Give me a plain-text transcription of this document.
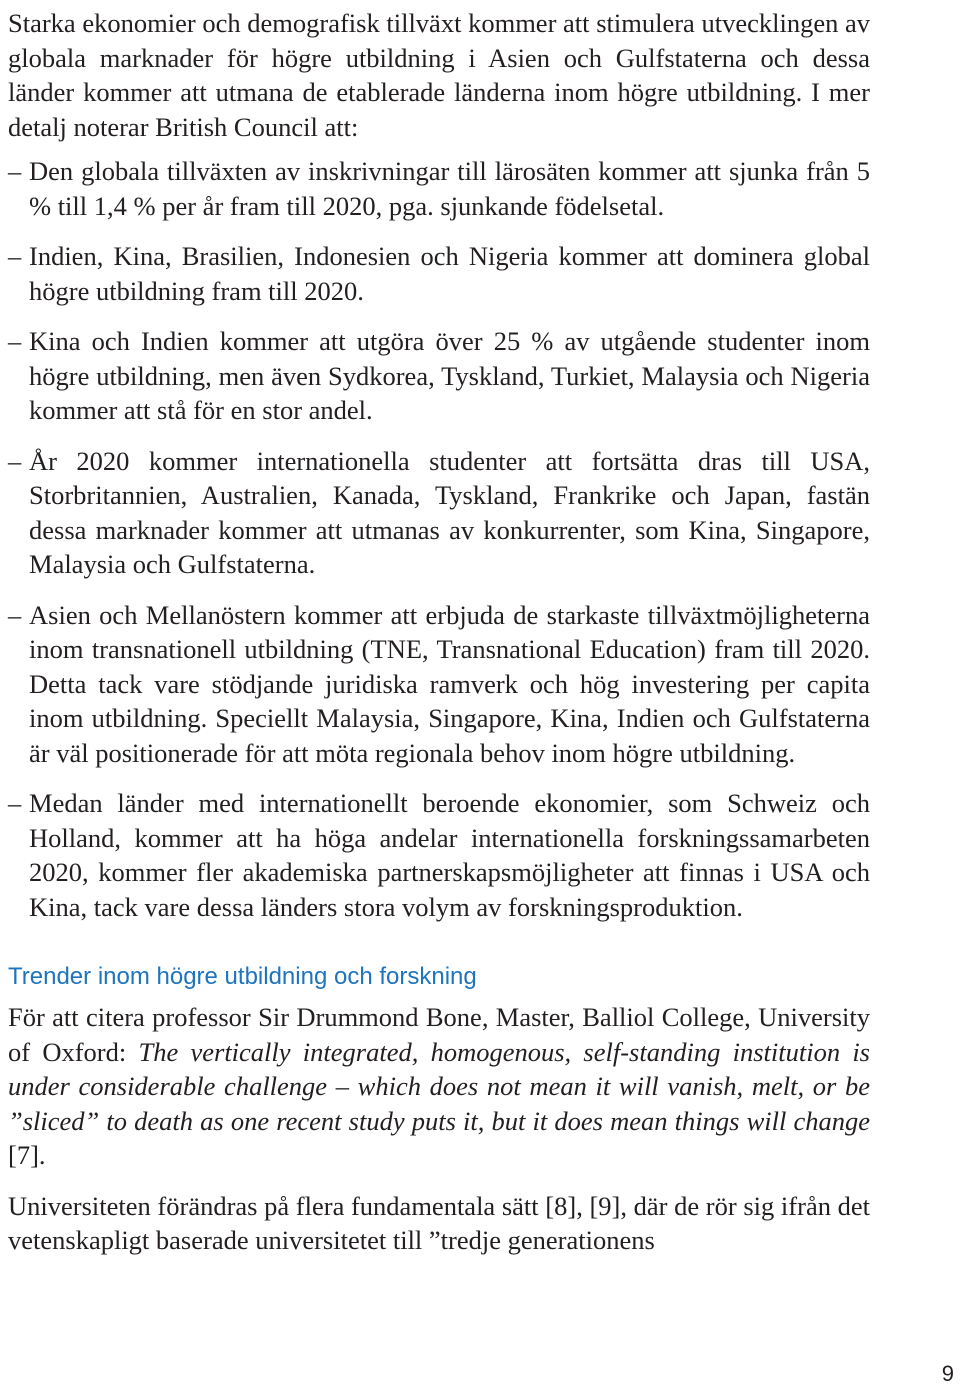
Starka ekonomier och demografisk tillväxt kommer att stimulera utvecklingen av globala marknader för högre utbildning i Asien och Gulfstaterna och dessa länder kommer att utmana de etablerade länderna inom högre utbildning. I mer detalj noterar British Council att:

– Den globala tillväxten av inskrivningar till lärosäten kommer att sjunka från 5 % till 1,4 % per år fram till 2020, pga. sjunkande födelsetal.
– Indien, Kina, Brasilien, Indonesien och Nigeria kommer att dominera global högre utbildning fram till 2020.
– Kina och Indien kommer att utgöra över 25 % av utgående studenter inom högre utbildning, men även Sydkorea, Tyskland, Turkiet, Malaysia och Nigeria kommer att stå för en stor andel.
– År 2020 kommer internationella studenter att fortsätta dras till USA, Storbritannien, Australien, Kanada, Tyskland, Frankrike och Japan, fastän dessa marknader kommer att utmanas av konkurrenter, som Kina, Singapore, Malaysia och Gulfstaterna.
– Asien och Mellanöstern kommer att erbjuda de starkaste tillväxtmöjligheterna inom transnationell utbildning (TNE, Transnational Education) fram till 2020. Detta tack vare stödjande juridiska ramverk och hög investering per capita inom utbildning. Speciellt Malaysia, Singapore, Kina, Indien och Gulfstaterna är väl positionerade för att möta regionala behov inom högre utbildning.
– Medan länder med internationellt beroende ekonomier, som Schweiz och Holland, kommer att ha höga andelar internationella forskningssamarbeten 2020, kommer fler akademiska partnerskapsmöjligheter att finnas i USA och Kina, tack vare dessa länders stora volym av forskningsproduktion.
Trender inom högre utbildning och forskning

För att citera professor Sir Drummond Bone, Master, Balliol College, University of Oxford: The vertically integrated, homogenous, self-standing institution is under considerable challenge – which does not mean it will vanish, melt, or be ”sliced” to death as one recent study puts it, but it does mean things will change [7].

Universiteten förändras på flera fundamentala sätt [8], [9], där de rör sig ifrån det vetenskapligt baserade universitetet till ”tredje generationens

9
